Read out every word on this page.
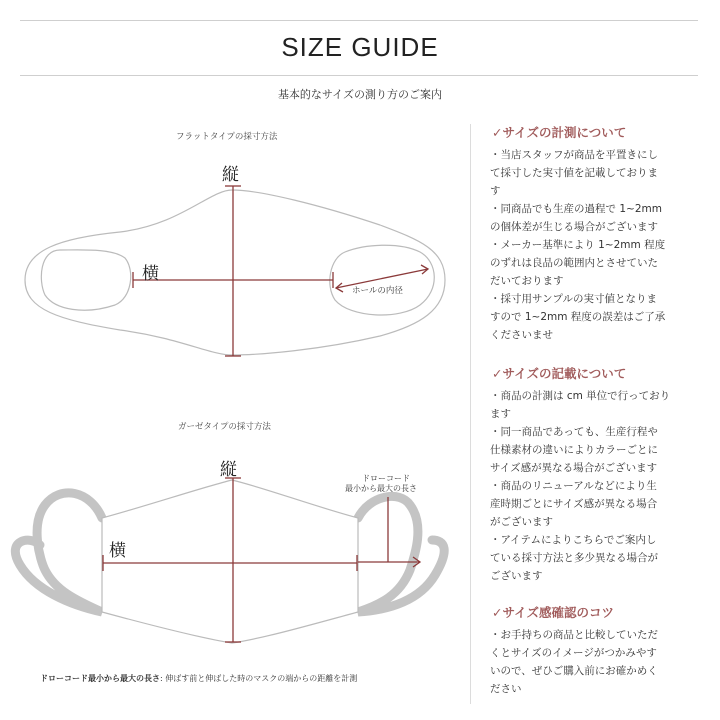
SIZE GUIDE
基本的なサイズの測り方のご案内
フラットタイプの採寸方法
ガーゼタイプの採寸方法
縦
横
ホールの内径
縦
横
ドローコード
最小から最大の長さ
ドローコード最小から最大の長さ: 伸ばす前と伸ばした時のマスクの端からの距離を計測
✓サイズの計測について
・当店スタッフが商品を平置きにし
て採寸した実寸値を記載しておりま
す
・同商品でも生産の過程で 1~2mm
の個体差が生じる場合がございます
・メーカー基準により 1~2mm 程度
のずれは良品の範囲内とさせていた
だいております
・採寸用サンプルの実寸値となりま
すので 1~2mm 程度の誤差はご了承
くださいませ
✓サイズの記載について
・商品の計測は cm 単位で行っており
ます
・同一商品であっても、生産行程や
仕様素材の違いによりカラーごとに
サイズ感が異なる場合がございます
・商品のリニューアルなどにより生
産時期ごとにサイズ感が異なる場合
がございます
・アイテムによりこちらでご案内し
ている採寸方法と多少異なる場合が
ございます
✓サイズ感確認のコツ
・お手持ちの商品と比較していただ
くとサイズのイメージがつかみやす
いので、ぜひご購入前にお確かめく
ださい
